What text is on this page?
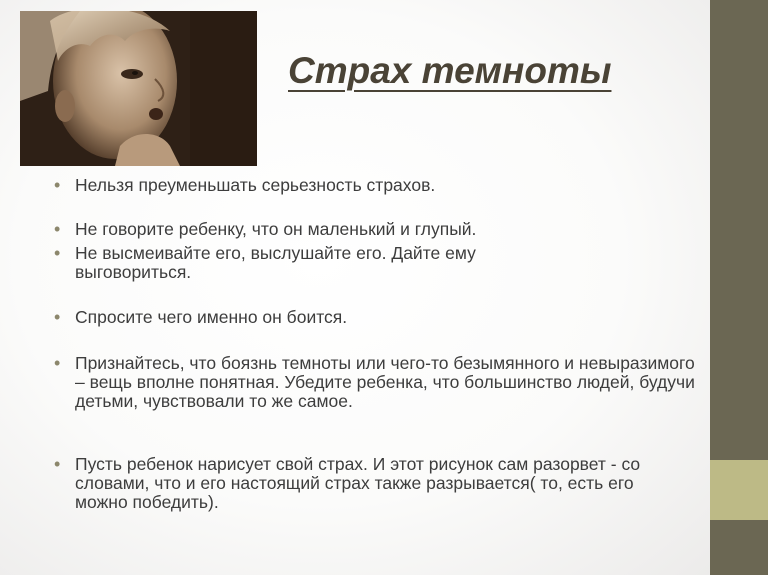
Страх темноты
• Нельзя преуменьшать серьезность страхов.
• Не говорите ребенку, что он маленький и глупый.
• Не высмеивайте его, выслушайте его. Дайте ему выговориться.
• Спросите чего именно он боится.
• Признайтесь, что боязнь темноты или чего-то безымянного и невыразимого – вещь вполне понятная. Убедите ребенка, что большинство людей, будучи детьми, чувствовали то же самое.
• Пусть ребенок нарисует свой страх. И этот рисунок сам разорвет - со словами, что и его настоящий страх также разрывается( то, есть его можно победить).
